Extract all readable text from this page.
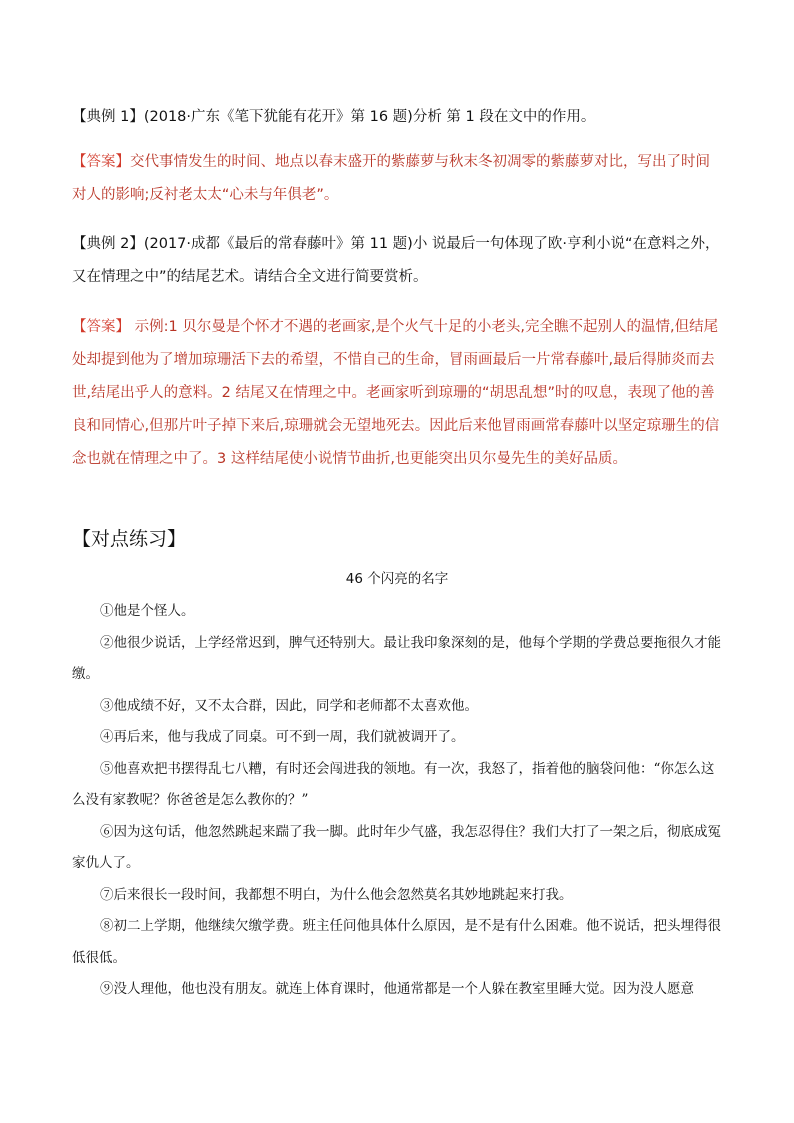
【典例 1】(2018·广东《笔下犹能有花开》第 16 题)分析 第 1 段在文中的作用。
【答案】交代事情发生的时间、地点以春末盛开的紫藤萝与秋末冬初凋零的紫藤萝对比，写出了时间对人的影响;反衬老太太“心未与年俱老”。
【典例 2】(2017·成都《最后的常春藤叶》第 11 题)小 说最后一句体现了欧·亨利小说“在意料之外，又在情理之中”的结尾艺术。请结合全文进行简要赏析。
【答案】 示例:1 贝尔曼是个怀才不遇的老画家,是个火气十足的小老头,完全瞧不起别人的温情,但结尾处却提到他为了增加琼珊活下去的希望，不惜自己的生命，冒雨画最后一片常春藤叶,最后得肺炎而去世,结尾出乎人的意料。2 结尾又在情理之中。老画家听到琼珊的“胡思乱想”时的叹息，表现了他的善良和同情心,但那片叶子掉下来后,琼珊就会无望地死去。因此后来他冒雨画常春藤叶以坚定琼珊生的信念也就在情理之中了。3 这样结尾使小说情节曲折,也更能突出贝尔曼先生的美好品质。
【对点练习】
46 个闪亮的名字

①他是个怪人。

②他很少说话，上学经常迟到，脾气还特别大。最让我印象深刻的是，他每个学期的学费总要拖很久才能缴。

③他成绩不好，又不太合群，因此，同学和老师都不太喜欢他。

④再后来，他与我成了同桌。可不到一周，我们就被调开了。

⑤他喜欢把书摆得乱七八糟，有时还会闯进我的领地。有一次，我怒了，指着他的脑袋问他：“你怎么这么没有家教呢？你爸爸是怎么教你的？”

⑥因为这句话，他忽然跳起来踹了我一脚。此时年少气盛，我怎忍得住？我们大打了一架之后，彻底成冤家仇人了。

⑦后来很长一段时间，我都想不明白，为什么他会忽然莫名其妙地跳起来打我。

⑧初二上学期，他继续欠缴学费。班主任问他具体什么原因，是不是有什么困难。他不说话，把头埋得很低很低。

⑨没人理他，他也没有朋友。就连上体育课时，他通常都是一个人躲在教室里睡大觉。因为没人愿意
